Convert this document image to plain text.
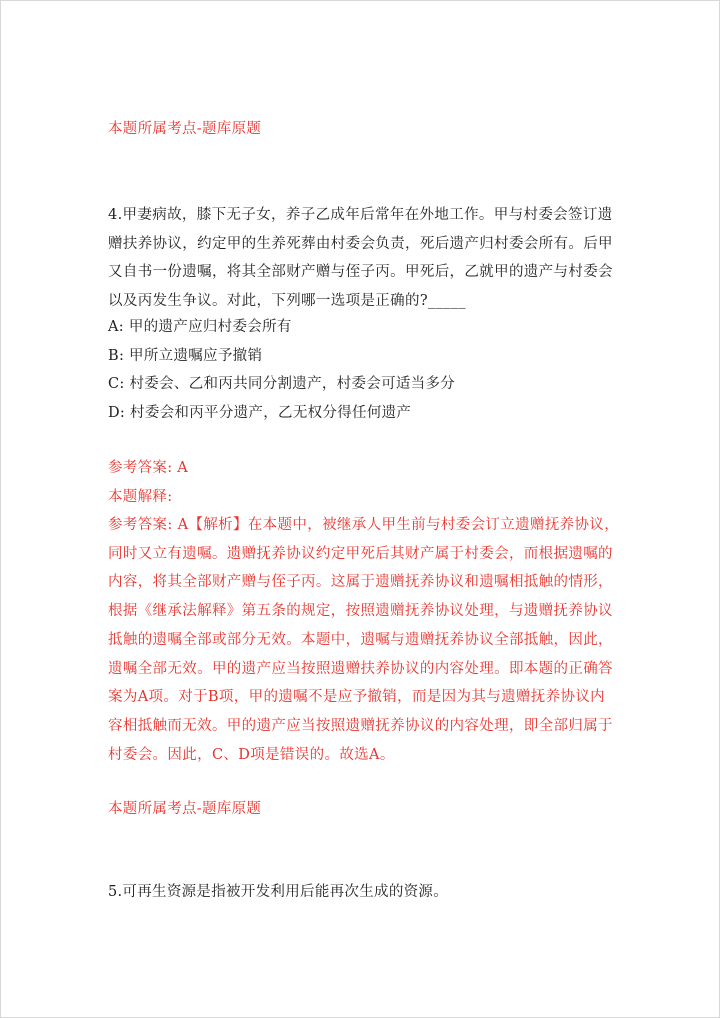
本题所属考点-题库原题
4.甲妻病故，膝下无子女，养子乙成年后常年在外地工作。甲与村委会签订遗
赠扶养协议，约定甲的生养死葬由村委会负责，死后遗产归村委会所有。后甲
又自书一份遗嘱，将其全部财产赠与侄子丙。甲死后，乙就甲的遗产与村委会
以及丙发生争议。对此，下列哪一选项是正确的?_____
A: 甲的遗产应归村委会所有
B: 甲所立遗嘱应予撤销
C: 村委会、乙和丙共同分割遗产，村委会可适当多分
D: 村委会和丙平分遗产，乙无权分得任何遗产
参考答案: A
本题解释:
参考答案: A【解析】在本题中，被继承人甲生前与村委会订立遗赠抚养协议，
同时又立有遗嘱。遗赠抚养协议约定甲死后其财产属于村委会，而根据遗嘱的
内容，将其全部财产赠与侄子丙。这属于遗赠抚养协议和遗嘱相抵触的情形，
根据《继承法解释》第五条的规定，按照遗赠抚养协议处理，与遗赠抚养协议
抵触的遗嘱全部或部分无效。本题中，遗嘱与遗赠抚养协议全部抵触，因此，
遗嘱全部无效。甲的遗产应当按照遗赠扶养协议的内容处理。即本题的正确答
案为A项。对于B项，甲的遗嘱不是应予撤销，而是因为其与遗赠抚养协议内
容相抵触而无效。甲的遗产应当按照遗赠抚养协议的内容处理，即全部归属于
村委会。因此，C、D项是错误的。故选A。
本题所属考点-题库原题
5.可再生资源是指被开发利用后能再次生成的资源。
